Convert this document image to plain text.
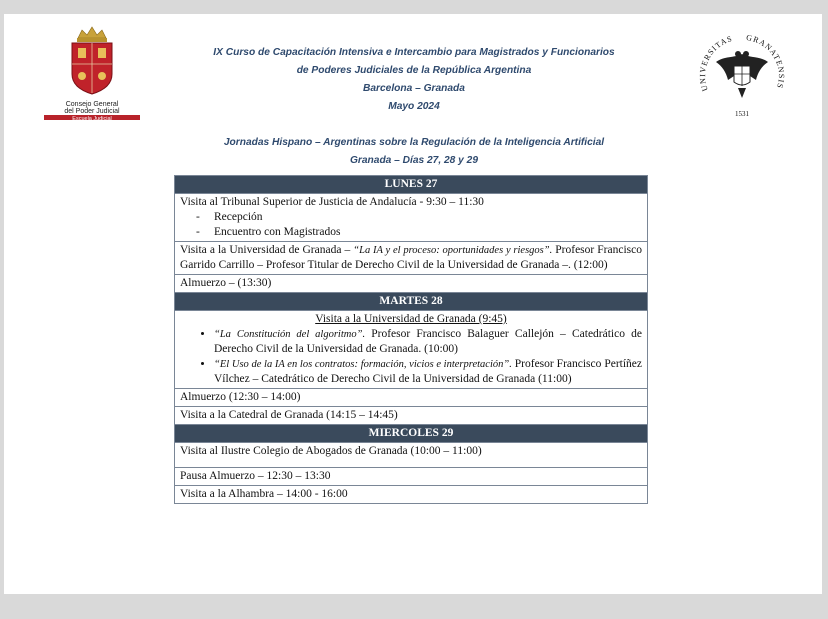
Consejo General
del Poder Judicial
Escuela Judicial
IX Curso de Capacitación Intensiva e Intercambio para Magistrados y Funcionarios
de Poderes Judiciales de la República Argentina
Barcelona – Granada
Mayo 2024
UNIVERSITAS GRANATENSIS
1531
Jornadas Hispano – Argentinas sobre la Regulación de la Inteligencia Artificial
Granada – Días 27, 28 y 29
LUNES 27

Visita al Tribunal Superior de Justicia de Andalucía - 9:30 – 11:30
- Recepción
- Encuentro con Magistrados

Visita a la Universidad de Granada – “La IA y el proceso: oportunidades y riesgos”. Profesor Francisco Garrido Carrillo – Profesor Titular de Derecho Civil de la Universidad de Granada –. (12:00)
Almuerzo – (13:30)
MARTES 28

Visita a la Universidad de Granada (9:45)
• “La Constitución del algoritmo”. Profesor Francisco Balaguer Callejón – Catedrático de Derecho Civil de la Universidad de Granada. (10:00)
• “El Uso de la IA en los contratos: formación, vicios e interpretación”. Profesor Francisco Pertíñez Vílchez – Catedrático de Derecho Civil de la Universidad de Granada (11:00)

Almuerzo (12:30 – 14:00)
Visita a la Catedral de Granada (14:15 – 14:45)
MIERCOLES 29
Visita al Ilustre Colegio de Abogados de Granada (10:00 – 11:00)
Pausa Almuerzo – 12:30 – 13:30
Visita a la Alhambra – 14:00 - 16:00
